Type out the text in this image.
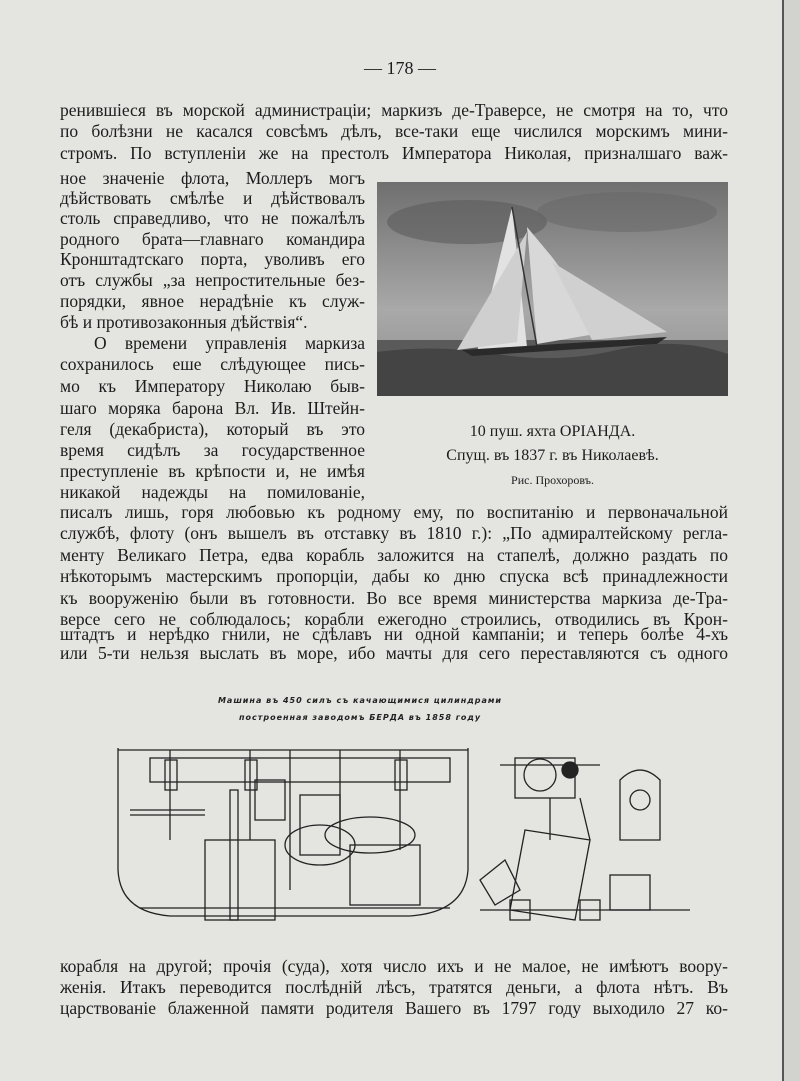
— 178 —
ренившіеся въ морской администраціи; маркизъ де-Траверсе, не смотря на то, что
по болѣзни не касался совсѣмъ дѣлъ, все-таки еще числился морскимъ мини-
стромъ. По вступленіи же на престолъ Императора Николая, призналшаго важ-
ное значеніе флота, Моллеръ могъ
дѣйствовать смѣлѣе и дѣйствовалъ
столь справедливо, что не пожалѣлъ
родного брата—главнаго командира
Кронштадтскаго порта, уволивъ его
отъ службы „за непростительные без-
порядки, явное нерадѣніе къ служ-
бѣ и противозаконныя дѣйствія“.
О времени управленія маркиза
сохранилось еше слѣдующее пись-
мо къ Императору Николаю быв-
шаго моряка барона Вл. Ив. Штейн-
геля (декабриста), который въ это
время сидѣлъ за государственное
преступленіе въ крѣпости и, не имѣя
никакой надежды на помилованіе,
писалъ лишь, горя любовью къ родному ему, по воспитанію и первоначальной
службѣ, флоту (онъ вышелъ въ отставку въ 1810 г.): „По адмиралтейскому регла-
менту Великаго Петра, едва корабль заложится на стапелѣ, должно раздать по
нѣкоторымъ мастерскимъ пропорціи, дабы ко дню спуска всѣ принадлежности
къ вооруженію были въ готовности. Во все время министерства маркиза де-Тра-
версе сего не соблюдалось; корабли ежегодно строились, отводились въ Крон-
штадтъ и нерѣдко гнили, не сдѣлавъ ни одной кампаніи; и теперь болѣе 4-хъ
или 5-ти нельзя выслать въ море, ибо мачты для сего переставляются съ одного
10 пуш. яхта ОРІАНДА.
Спущ. въ 1837 г. въ Николаевѣ.
Рис. Прохоровъ.
Машина въ 450 силъ съ качающимися цилиндрами
построенная заводомъ БЕРДА въ 1858 году
корабля на другой; прочія (суда), хотя число ихъ и не малое, не имѣютъ воору-
женія. Итакъ переводится послѣдній лѣсъ, тратятся деньги, а флота нѣтъ. Въ
царствованіе блаженной памяти родителя Вашего въ 1797 году выходило 27 ко-
